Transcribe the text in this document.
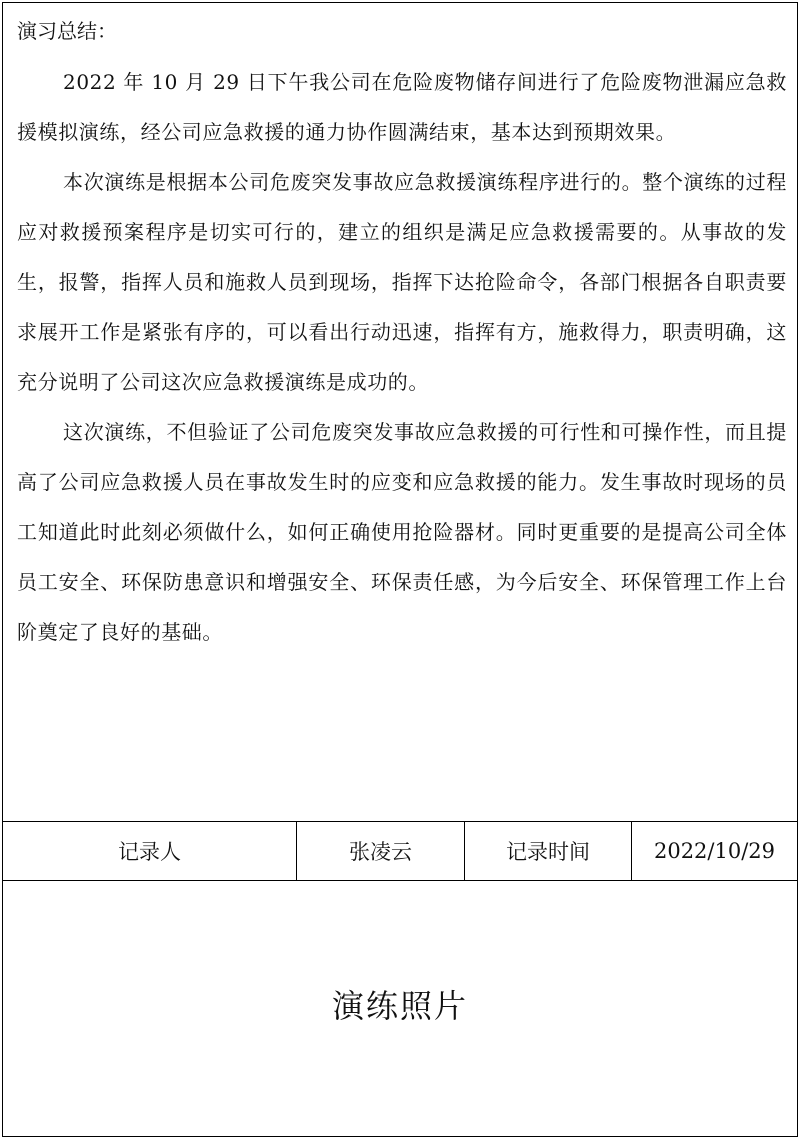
演习总结：

2022 年 10 月 29 日下午我公司在危险废物储存间进行了危险废物泄漏应急救援模拟演练，经公司应急救援的通力协作圆满结束，基本达到预期效果。

本次演练是根据本公司危废突发事故应急救援演练程序进行的。整个演练的过程应对救援预案程序是切实可行的，建立的组织是满足应急救援需要的。从事故的发生，报警，指挥人员和施救人员到现场，指挥下达抢险命令，各部门根据各自职责要求展开工作是紧张有序的，可以看出行动迅速，指挥有方，施救得力，职责明确，这充分说明了公司这次应急救援演练是成功的。

这次演练，不但验证了公司危废突发事故应急救援的可行性和可操作性，而且提高了公司应急救援人员在事故发生时的应变和应急救援的能力。发生事故时现场的员工知道此时此刻必须做什么，如何正确使用抢险器材。同时更重要的是提高公司全体员工安全、环保防患意识和增强安全、环保责任感，为今后安全、环保管理工作上台阶奠定了良好的基础。

记录人	张凌云	记录时间	2022/10/29
演练照片
